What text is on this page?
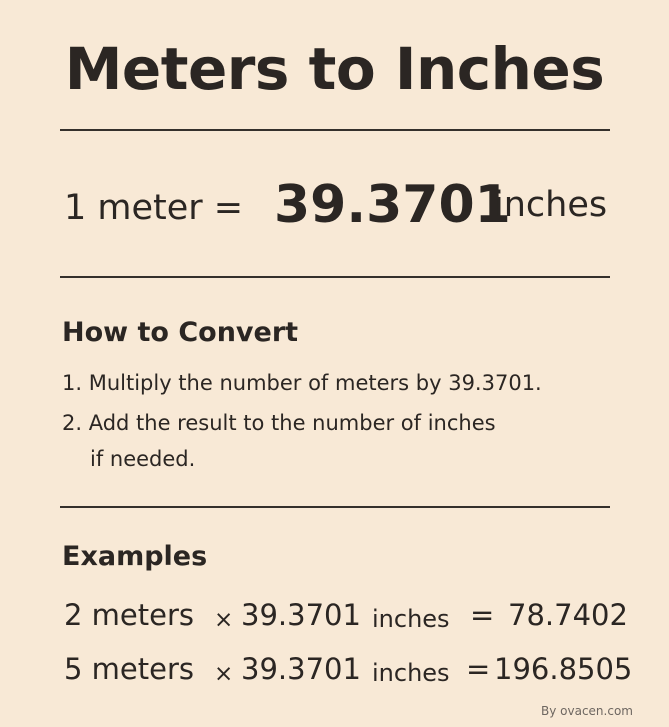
Meters to Inches
1 meter = 39.3701
inches
How to Convert
1. Multiply the number of meters by 39.3701.
2. Add the result to the number of inches
if needed.
Examples
2 meters × 39.3701 inches = 78.7402
5 meters × 39.3701 inches = 196.8505
By ovacen.com
